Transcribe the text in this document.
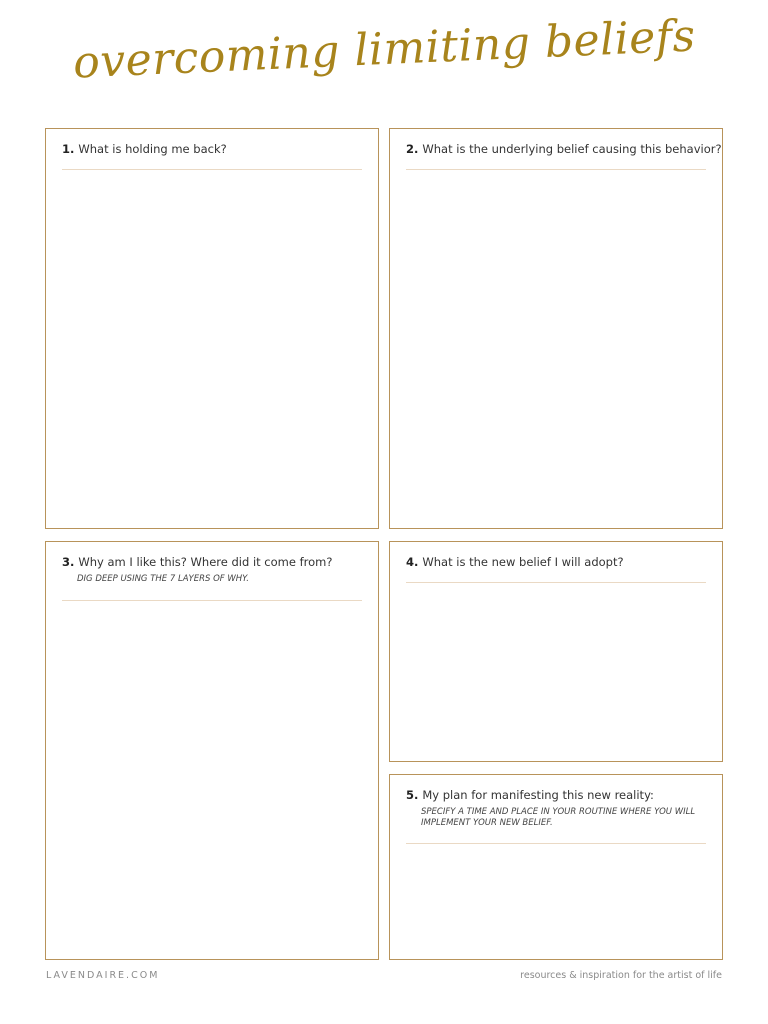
overcoming limiting beliefs
1. What is holding me back?	2. What is the underlying belief causing this behavior?
3. Why am I like this? Where did it come from?
DIG DEEP USING THE 7 LAYERS OF WHY.
4. What is the new belief I will adopt?
5. My plan for manifesting this new reality:
SPECIFY A TIME AND PLACE IN YOUR ROUTINE WHERE YOU WILL
IMPLEMENT YOUR NEW BELIEF.
LAVENDAIRE.COM	resources & inspiration for the artist of life
